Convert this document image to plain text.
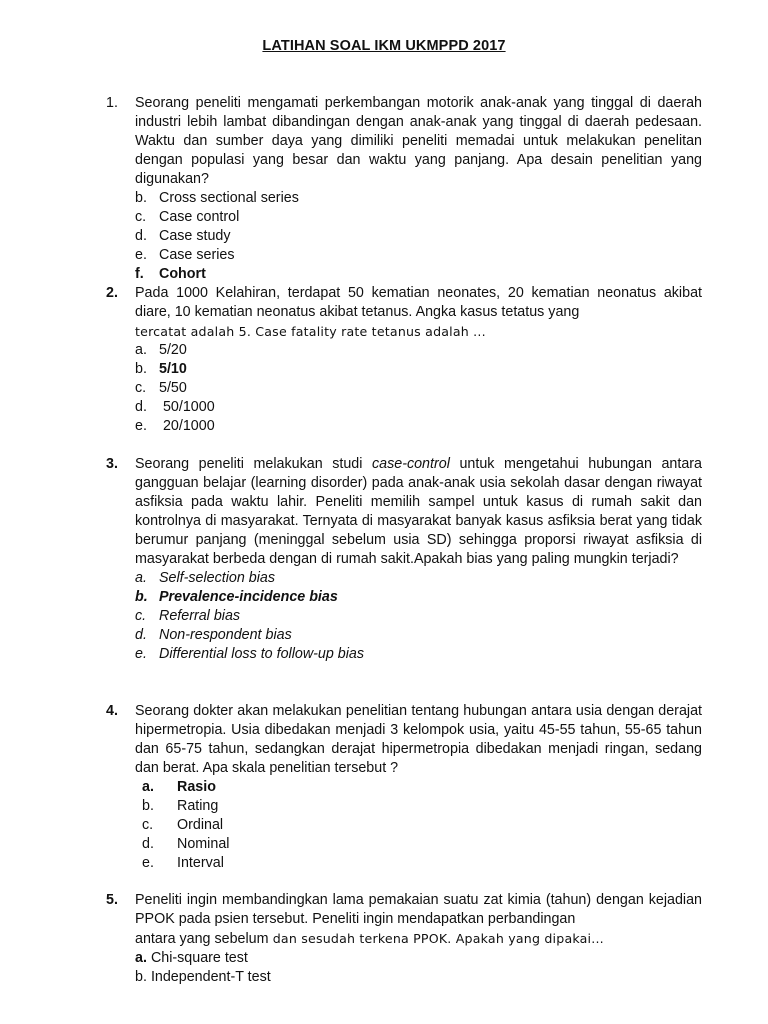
LATIHAN SOAL IKM UKMPPD 2017
1. Seorang peneliti mengamati perkembangan motorik anak-anak yang tinggal di daerah industri lebih lambat dibandingan dengan anak-anak yang tinggal di daerah pedesaan. Waktu dan sumber daya yang dimiliki peneliti memadai untuk melakukan penelitan dengan populasi yang besar dan waktu yang panjang. Apa desain penelitian yang digunakan?
b. Cross sectional series
c. Case control
d. Case study
e. Case series
f.	Cohort
2. Pada 1000 Kelahiran, terdapat 50 kematian neonates, 20 kematian neonatus akibat diare, 10 kematian neonatus akibat tetanus. Angka kasus tetatus yang

tercatat adalah 5. Case fatality rate tetanus adalah ...

a. 5/20
b. 5/10
c. 5/50
d. 50/1000
e. 20/1000
3. Seorang peneliti melakukan studi case-control untuk mengetahui hubungan antara gangguan belajar (learning disorder) pada anak-anak usia sekolah dasar dengan riwayat asfiksia pada waktu lahir. Peneliti memilih sampel untuk kasus di rumah sakit dan kontrolnya di masyarakat. Ternyata di masyarakat banyak kasus asfiksia berat yang tidak berumur panjang (meninggal sebelum usia SD) sehingga proporsi riwayat asfiksia di masyarakat berbeda dengan di rumah sakit.Apakah bias yang paling mungkin terjadi?
a. Self-selection bias
b. Prevalence-incidence bias
c. Referral bias
d. Non-respondent bias
e. Differential loss to follow-up bias
4. Seorang dokter akan melakukan penelitian tentang hubungan antara usia dengan derajat hipermetropia. Usia dibedakan menjadi 3 kelompok usia, yaitu 45-55 tahun, 55-65 tahun dan 65-75 tahun, sedangkan derajat hipermetropia dibedakan menjadi ringan, sedang dan berat. Apa skala penelitian tersebut ?
a.	Rasio
b.	Rating
c.	Ordinal
d.	Nominal
e.	Interval
5. Peneliti ingin membandingkan lama pemakaian suatu zat kimia (tahun) dengan kejadian PPOK pada psien tersebut. Peneliti ingin mendapatkan perbandingan

antara yang sebelum dan sesudah terkena PPOK. Apakah yang dipakai...

a. Chi-square test
b. Independent-T test
